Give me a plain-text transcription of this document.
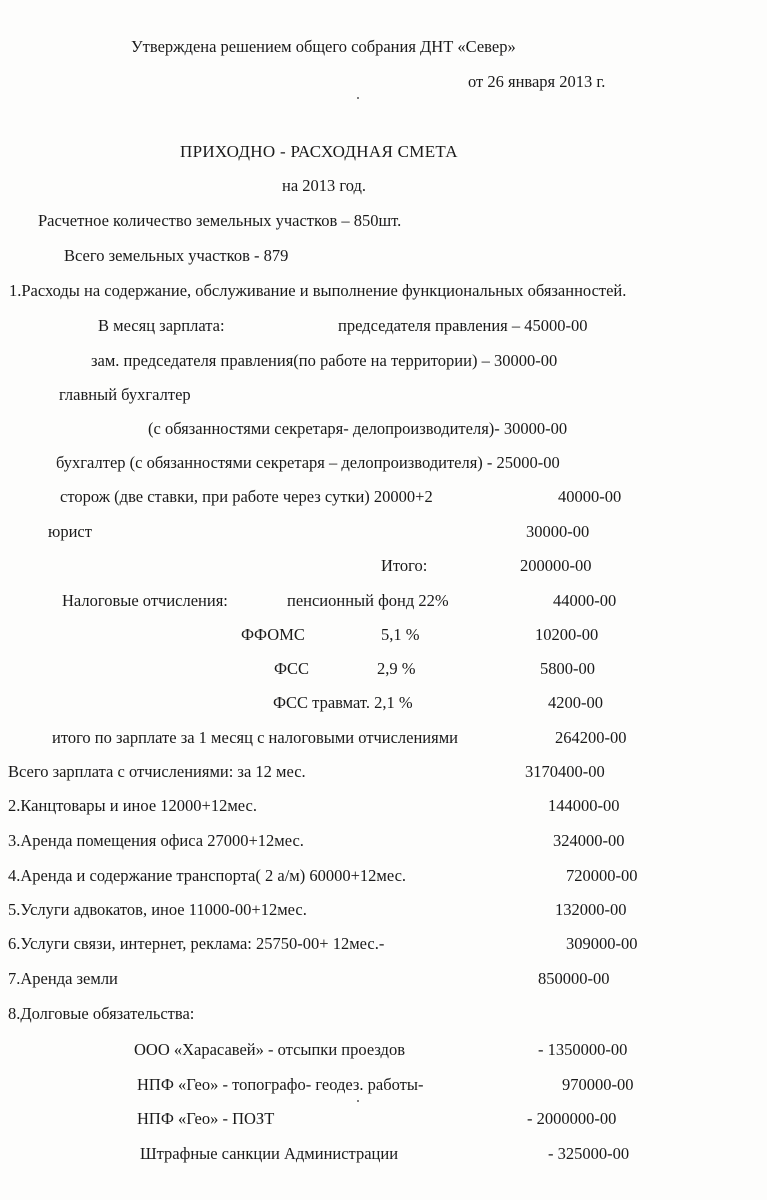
Утверждена решением общего собрания ДНТ «Север»
от 26 января 2013 г.
ПРИХОДНО - РАСХОДНАЯ СМЕТА
на 2013 год.
Расчетное количество земельных участков – 850шт.
Всего земельных участков - 879
1.Расходы на содержание, обслуживание и выполнение функциональных обязанностей.
В месяц зарплата:	председателя правления – 45000-00
зам. председателя правления(по работе на территории) – 30000-00
главный бухгалтер
(с обязанностями секретаря- делопроизводителя)- 30000-00
бухгалтер (с обязанностями секретаря – делопроизводителя) - 25000-00
сторож (две ставки, при работе через сутки) 20000+2	40000-00
юрист	30000-00
Итого:	200000-00
Налоговые отчисления:	пенсионный фонд 22%	44000-00
ФФОМС	5,1 %	10200-00
ФСС	2,9 %	5800-00
ФСС травмат. 2,1 %	4200-00
итого по зарплате за 1 месяц с налоговыми отчислениями	264200-00
Всего зарплата с отчислениями: за 12 мес.	3170400-00
2.Канцтовары и иное 12000+12мес.	144000-00
3.Аренда помещения офиса 27000+12мес.	324000-00
4.Аренда и содержание транспорта( 2 а/м) 60000+12мес.	720000-00
5.Услуги адвокатов, иное 11000-00+12мес.	132000-00
6.Услуги связи, интернет, реклама: 25750-00+ 12мес.-	309000-00
7.Аренда земли	850000-00
8.Долговые обязательства:
ООО «Харасавей» - отсыпки проездов	- 1350000-00
НПФ «Гео» - топографо- геодез. работы-	970000-00
НПФ «Гео» - ПОЗТ	- 2000000-00
Штрафные санкции Администрации	- 325000-00
